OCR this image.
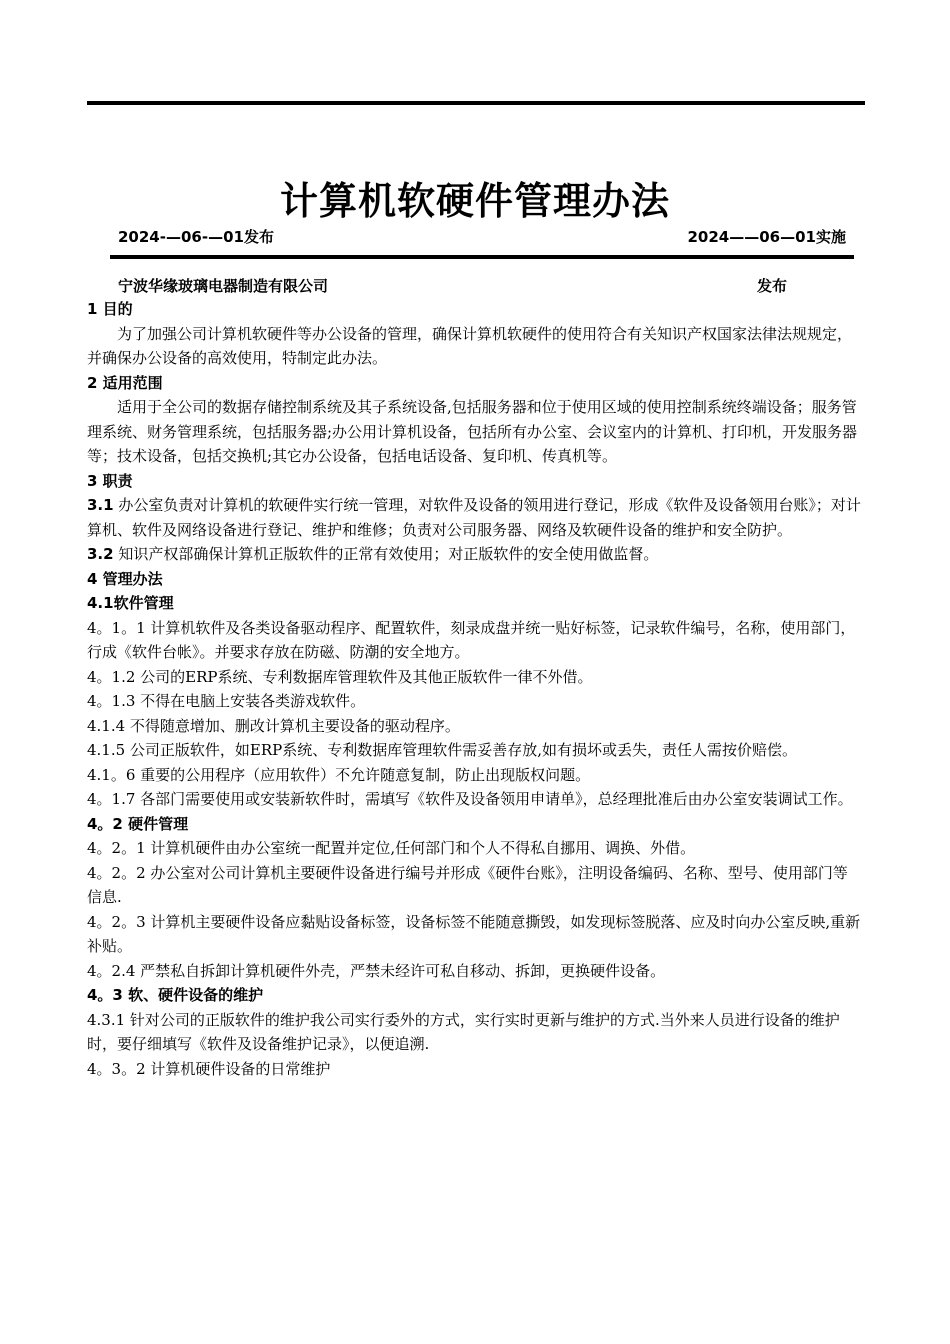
计算机软硬件管理办法
2024-—06-—01发布	2024——06—01实施
宁波华缘玻璃电器制造有限公司	发布

1 目的

为了加强公司计算机软硬件等办公设备的管理，确保计算机软硬件的使用符合有关知识产权国家法律法规规定，并确保办公设备的高效使用，特制定此办法。

2 适用范围

适用于全公司的数据存储控制系统及其子系统设备,包括服务器和位于使用区域的使用控制系统终端设备；服务管理系统、财务管理系统，包括服务器;办公用计算机设备，包括所有办公室、会议室内的计算机、打印机，开发服务器等；技术设备，包括交换机;其它办公设备，包括电话设备、复印机、传真机等。

3 职责

3.1 办公室负责对计算机的软硬件实行统一管理，对软件及设备的领用进行登记，形成《软件及设备领用台账》；对计算机、软件及网络设备进行登记、维护和维修；负责对公司服务器、网络及软硬件设备的维护和安全防护。

3.2 知识产权部确保计算机正版软件的正常有效使用；对正版软件的安全使用做监督。

4 管理办法

4.1软件管理

4。1。1 计算机软件及各类设备驱动程序、配置软件，刻录成盘并统一贴好标签，记录软件编号，名称，使用部门，行成《软件台帐》。并要求存放在防磁、防潮的安全地方。

4。1.2 公司的ERP系统、专利数据库管理软件及其他正版软件一律不外借。

4。1.3 不得在电脑上安装各类游戏软件。

4.1.4 不得随意增加、删改计算机主要设备的驱动程序。

4.1.5 公司正版软件，如ERP系统、专利数据库管理软件需妥善存放,如有损坏或丢失，责任人需按价赔偿。

4.1。6 重要的公用程序（应用软件）不允许随意复制，防止出现版权问题。

4。1.7 各部门需要使用或安装新软件时，需填写《软件及设备领用申请单》，总经理批准后由办公室安装调试工作。

4。2 硬件管理

4。2。1 计算机硬件由办公室统一配置并定位,任何部门和个人不得私自挪用、调换、外借。

4。2。2 办公室对公司计算机主要硬件设备进行编号并形成《硬件台账》，注明设备编码、名称、型号、使用部门等信息.

4。2。3 计算机主要硬件设备应黏贴设备标签，设备标签不能随意撕毁，如发现标签脱落、应及时向办公室反映,重新补贴。

4。2.4 严禁私自拆卸计算机硬件外壳，严禁未经许可私自移动、拆卸，更换硬件设备。

4。3 软、硬件设备的维护

4.3.1 针对公司的正版软件的维护我公司实行委外的方式，实行实时更新与维护的方式.当外来人员进行设备的维护时，要仔细填写《软件及设备维护记录》，以便追溯.

4。3。2 计算机硬件设备的日常维护
